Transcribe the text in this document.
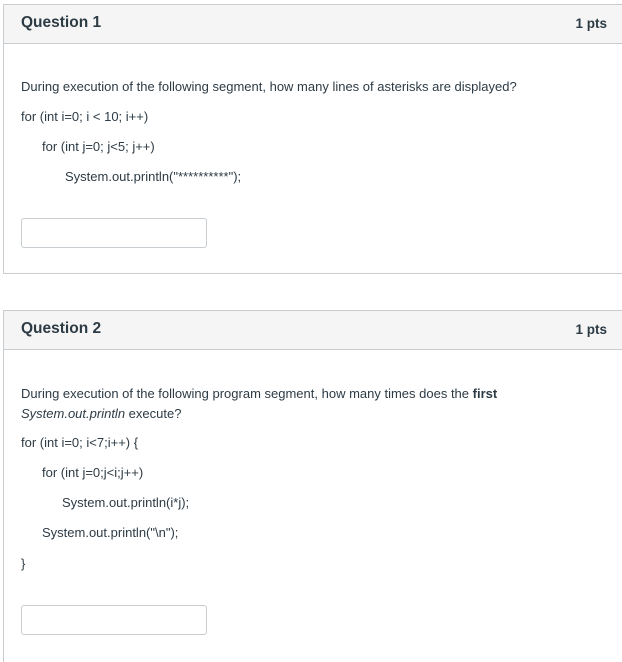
Question 1	1 pts
During execution of the following segment, how many lines of asterisks are displayed?
for (int i=0; i < 10; i++)
for (int j=0; j<5; j++)
System.out.println("**********");
Question 2	1 pts
During execution of the following program segment, how many times does the first
System.out.println execute?
for (int i=0; i<7;i++) {
for (int j=0;j<i;j++)
System.out.println(i*j);
System.out.println("\n");
}
